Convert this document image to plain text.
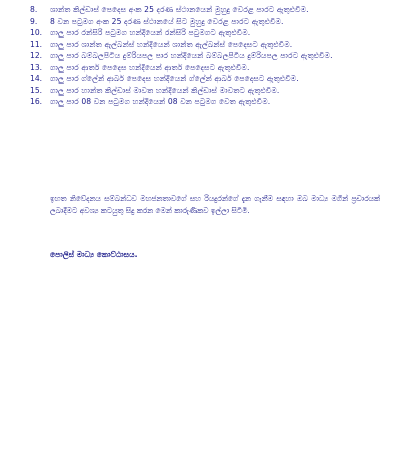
8.	ශාන්ත කිල්ඩාස් පෙදෙස අංක 25 දරණ ස්ථානයෙන් මුහුදු වෙරළ පාරට ඇතුළුවීම.
9.	8 වන පටුමග අංක 25 දරණ ස්ථානයේ සිට මුහුදු වෙරළ පාරට ඇතුළුවීම.
10.	ගාලු පාර රන්සිරි පටුමග හන්දියෙන් රන්සිරි පටුමගට ඇතුළුවීම.
11.	ගාලු පාර ශාන්ත ඇල්බන්ස් හන්දියෙන් ශාන්ත ඇල්බන්ස් පෙදෙසට ඇතුළුවීම.
12.	ගාලු පාර බම්බලපිටිය දුම්රියපල පාර හන්දියෙන් බම්බලපිටිය දුම්රියපල පාරට ඇතුළුවීම.
13.	ගාලු පාර ආතර් පෙදෙස හන්දියෙන් ආතර් පෙදෙසට ඇතුළුවීම.
14.	ගාලු පාර ග්ලේන් ආබර් පෙදෙස හන්දියෙන් ග්ලේන් ආබර් පෙදෙසට ඇතුළුවීම.
15.	ගාලු පාර හාන්ත කිල්ඩාස් මාවත හන්දියෙන් කිල්ඩාස් මාවතට ඇතුළුවීම.
16.	ගාලු පාර 08 වන පටුමග හන්දියෙන් 08 වන පටුමග වෙත ඇතුළුවීම.

ඉහත නිවේදනය සම්බන්ධව මහජනතාවගේ සහ රියදුරන්ගේ දැන ගැනීම සඳහා ඔබ මාධ්‍ය මගින් ප්‍රචාරයක් ලබාදීමට අවශ්‍ය කටයුතු සිදු කරන මෙන් කාරුණිකව ඉල්ලා සිටිමි.

පොලිස් මාධ්‍ය කොට්ඨාසය.
